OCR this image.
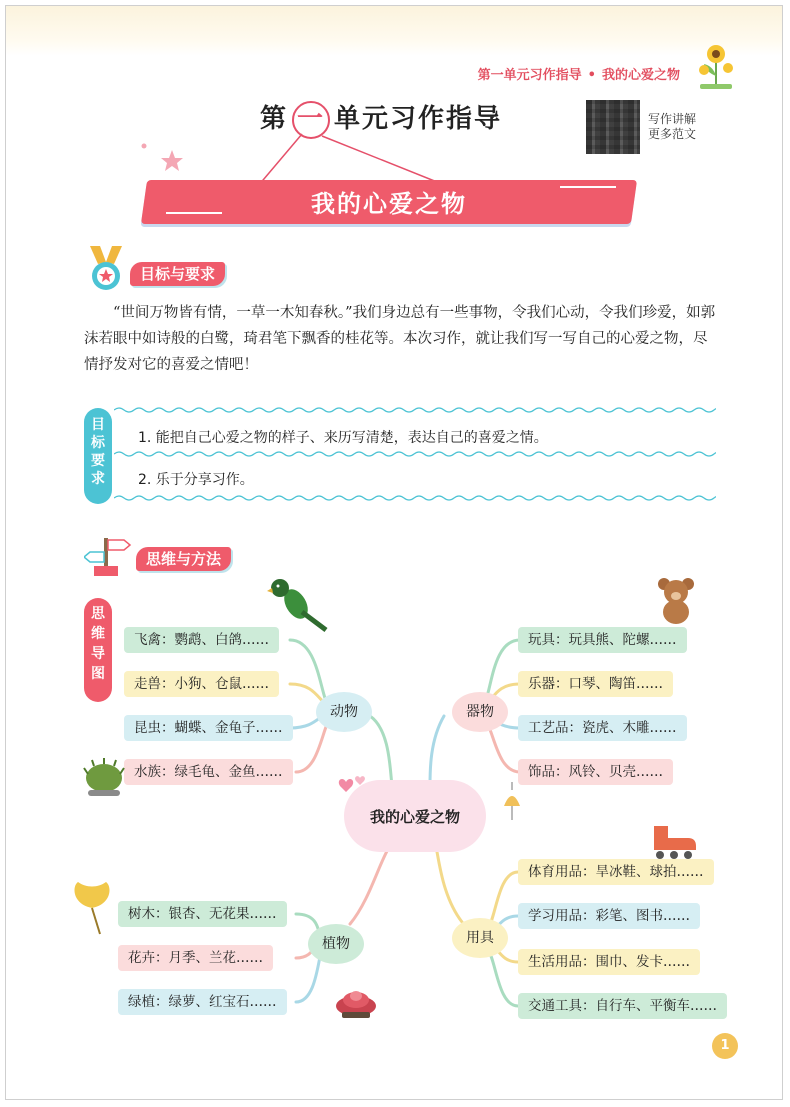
第一单元习作指导 • 我的心爱之物
第 一 单元习作指导	写作讲解
更多范文
我的心爱之物
目标与要求
“世间万物皆有情，一草一木知春秋。”我们身边总有一些事物，令我们心动，令我们珍爱，如郭沫若眼中如诗般的白鹭，琦君笔下飘香的桂花等。本次习作，就让我们写一写自己的心爱之物，尽情抒发对它的喜爱之情吧！
目
标
要
求
1. 能把自己心爱之物的样子、来历写清楚，表达自己的喜爱之情。
2. 乐于分享习作。
思维与方法
思
维
导
图
动物	器物
植物	用具
我的心爱之物
飞禽：鹦鹉、白鸽……
走兽：小狗、仓鼠……
昆虫：蝴蝶、金龟子……
水族：绿毛龟、金鱼……
玩具：玩具熊、陀螺……
乐器：口琴、陶笛……
工艺品：瓷虎、木雕……
饰品：风铃、贝壳……
树木：银杏、无花果……
花卉：月季、兰花……
绿植：绿萝、红宝石……
体育用品：旱冰鞋、球拍……
学习用品：彩笔、图书……
生活用品：围巾、发卡……
交通工具：自行车、平衡车……
1
